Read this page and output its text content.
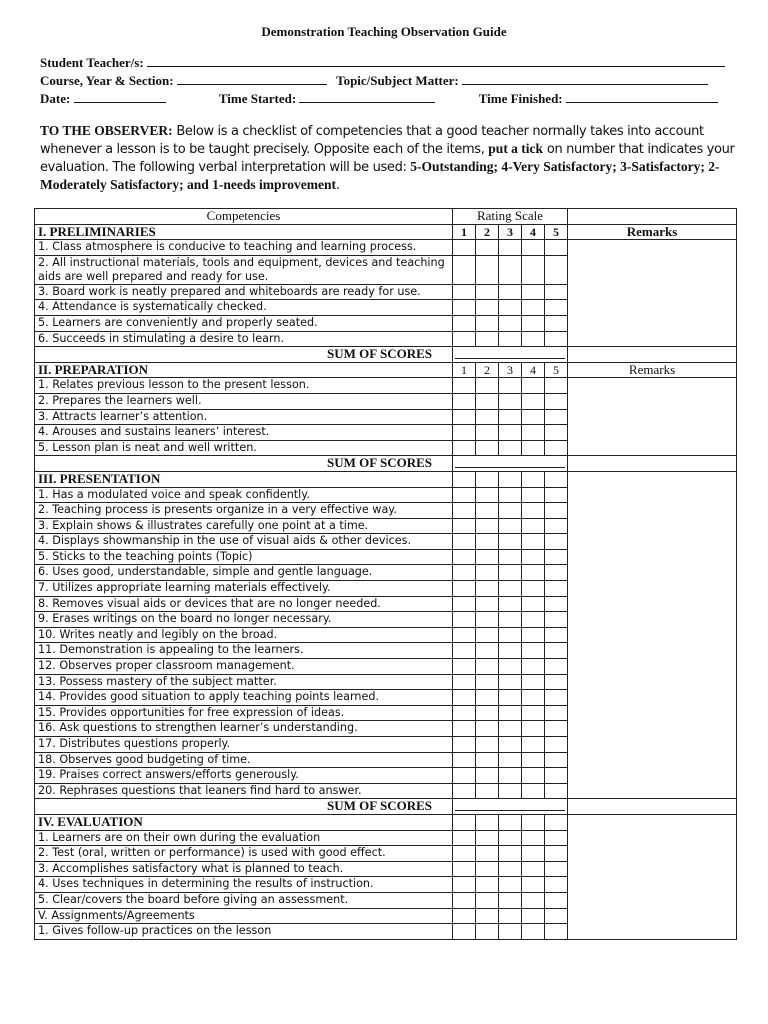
Demonstration Teaching Observation Guide
Student Teacher/s:
Course, Year & Section:	Topic/Subject Matter:
Date:	Time Started:	Time Finished:
TO THE OBSERVER: Below is a checklist of competencies that a good teacher normally takes into account whenever a lesson is to be taught precisely. Opposite each of the items, put a tick on number that indicates your evaluation. The following verbal interpretation will be used: 5-Outstanding; 4-Very Satisfactory; 3-Satisfactory; 2-Moderately Satisfactory; and 1-needs improvement.
Competencies	Rating Scale					
I. PRELIMINARIES	1	2	3	4	5	Remarks
1. Class atmosphere is conducive to teaching and learning process.						
2. All instructional materials, tools and equipment, devices and teaching aids are well prepared and ready for use.						
3. Board work is neatly prepared and whiteboards are ready for use.						
4. Attendance is systematically checked.						
5. Learners are conveniently and properly seated.						
6. Succeeds in stimulating a desire to learn.						
SUM OF SCORES					

II. PREPARATION	1	2	3	4	5	Remarks
1. Relates previous lesson to the present lesson.						
2. Prepares the learners well.						
3. Attracts learner’s attention.						
4. Arouses and sustains leaners’ interest.						
5. Lesson plan is neat and well written.						
SUM OF SCORES					

III. PRESENTATION						
1. Has a modulated voice and speak confidently.						
2. Teaching process is presents organize in a very effective way.						
3. Explain shows & illustrates carefully one point at a time.						
4. Displays showmanship in the use of visual aids & other devices.						
5. Sticks to the teaching points (Topic)						
6. Uses good, understandable, simple and gentle language.						
7. Utilizes appropriate learning materials effectively.						
8. Removes visual aids or devices that are no longer needed.						
9. Erases writings on the board no longer necessary.						
10. Writes neatly and legibly on the broad.						
11. Demonstration is appealing to the learners.						
12. Observes proper classroom management.						
13. Possess mastery of the subject matter.						
14. Provides good situation to apply teaching points learned.						
15. Provides opportunities for free expression of ideas.						
16. Ask questions to strengthen learner’s understanding.						
17. Distributes questions properly.						
18. Observes good budgeting of time.						
19. Praises correct answers/efforts generously.						
20. Rephrases questions that leaners find hard to answer.						
SUM OF SCORES					

IV. EVALUATION						
1. Learners are on their own during the evaluation						
2. Test (oral, written or performance) is used with good effect.						
3. Accomplishes satisfactory what is planned to teach.						
4. Uses techniques in determining the results of instruction.						
5. Clear/covers the board before giving an assessment.						
V. Assignments/Agreements						
1. Gives follow-up practices on the lesson						
